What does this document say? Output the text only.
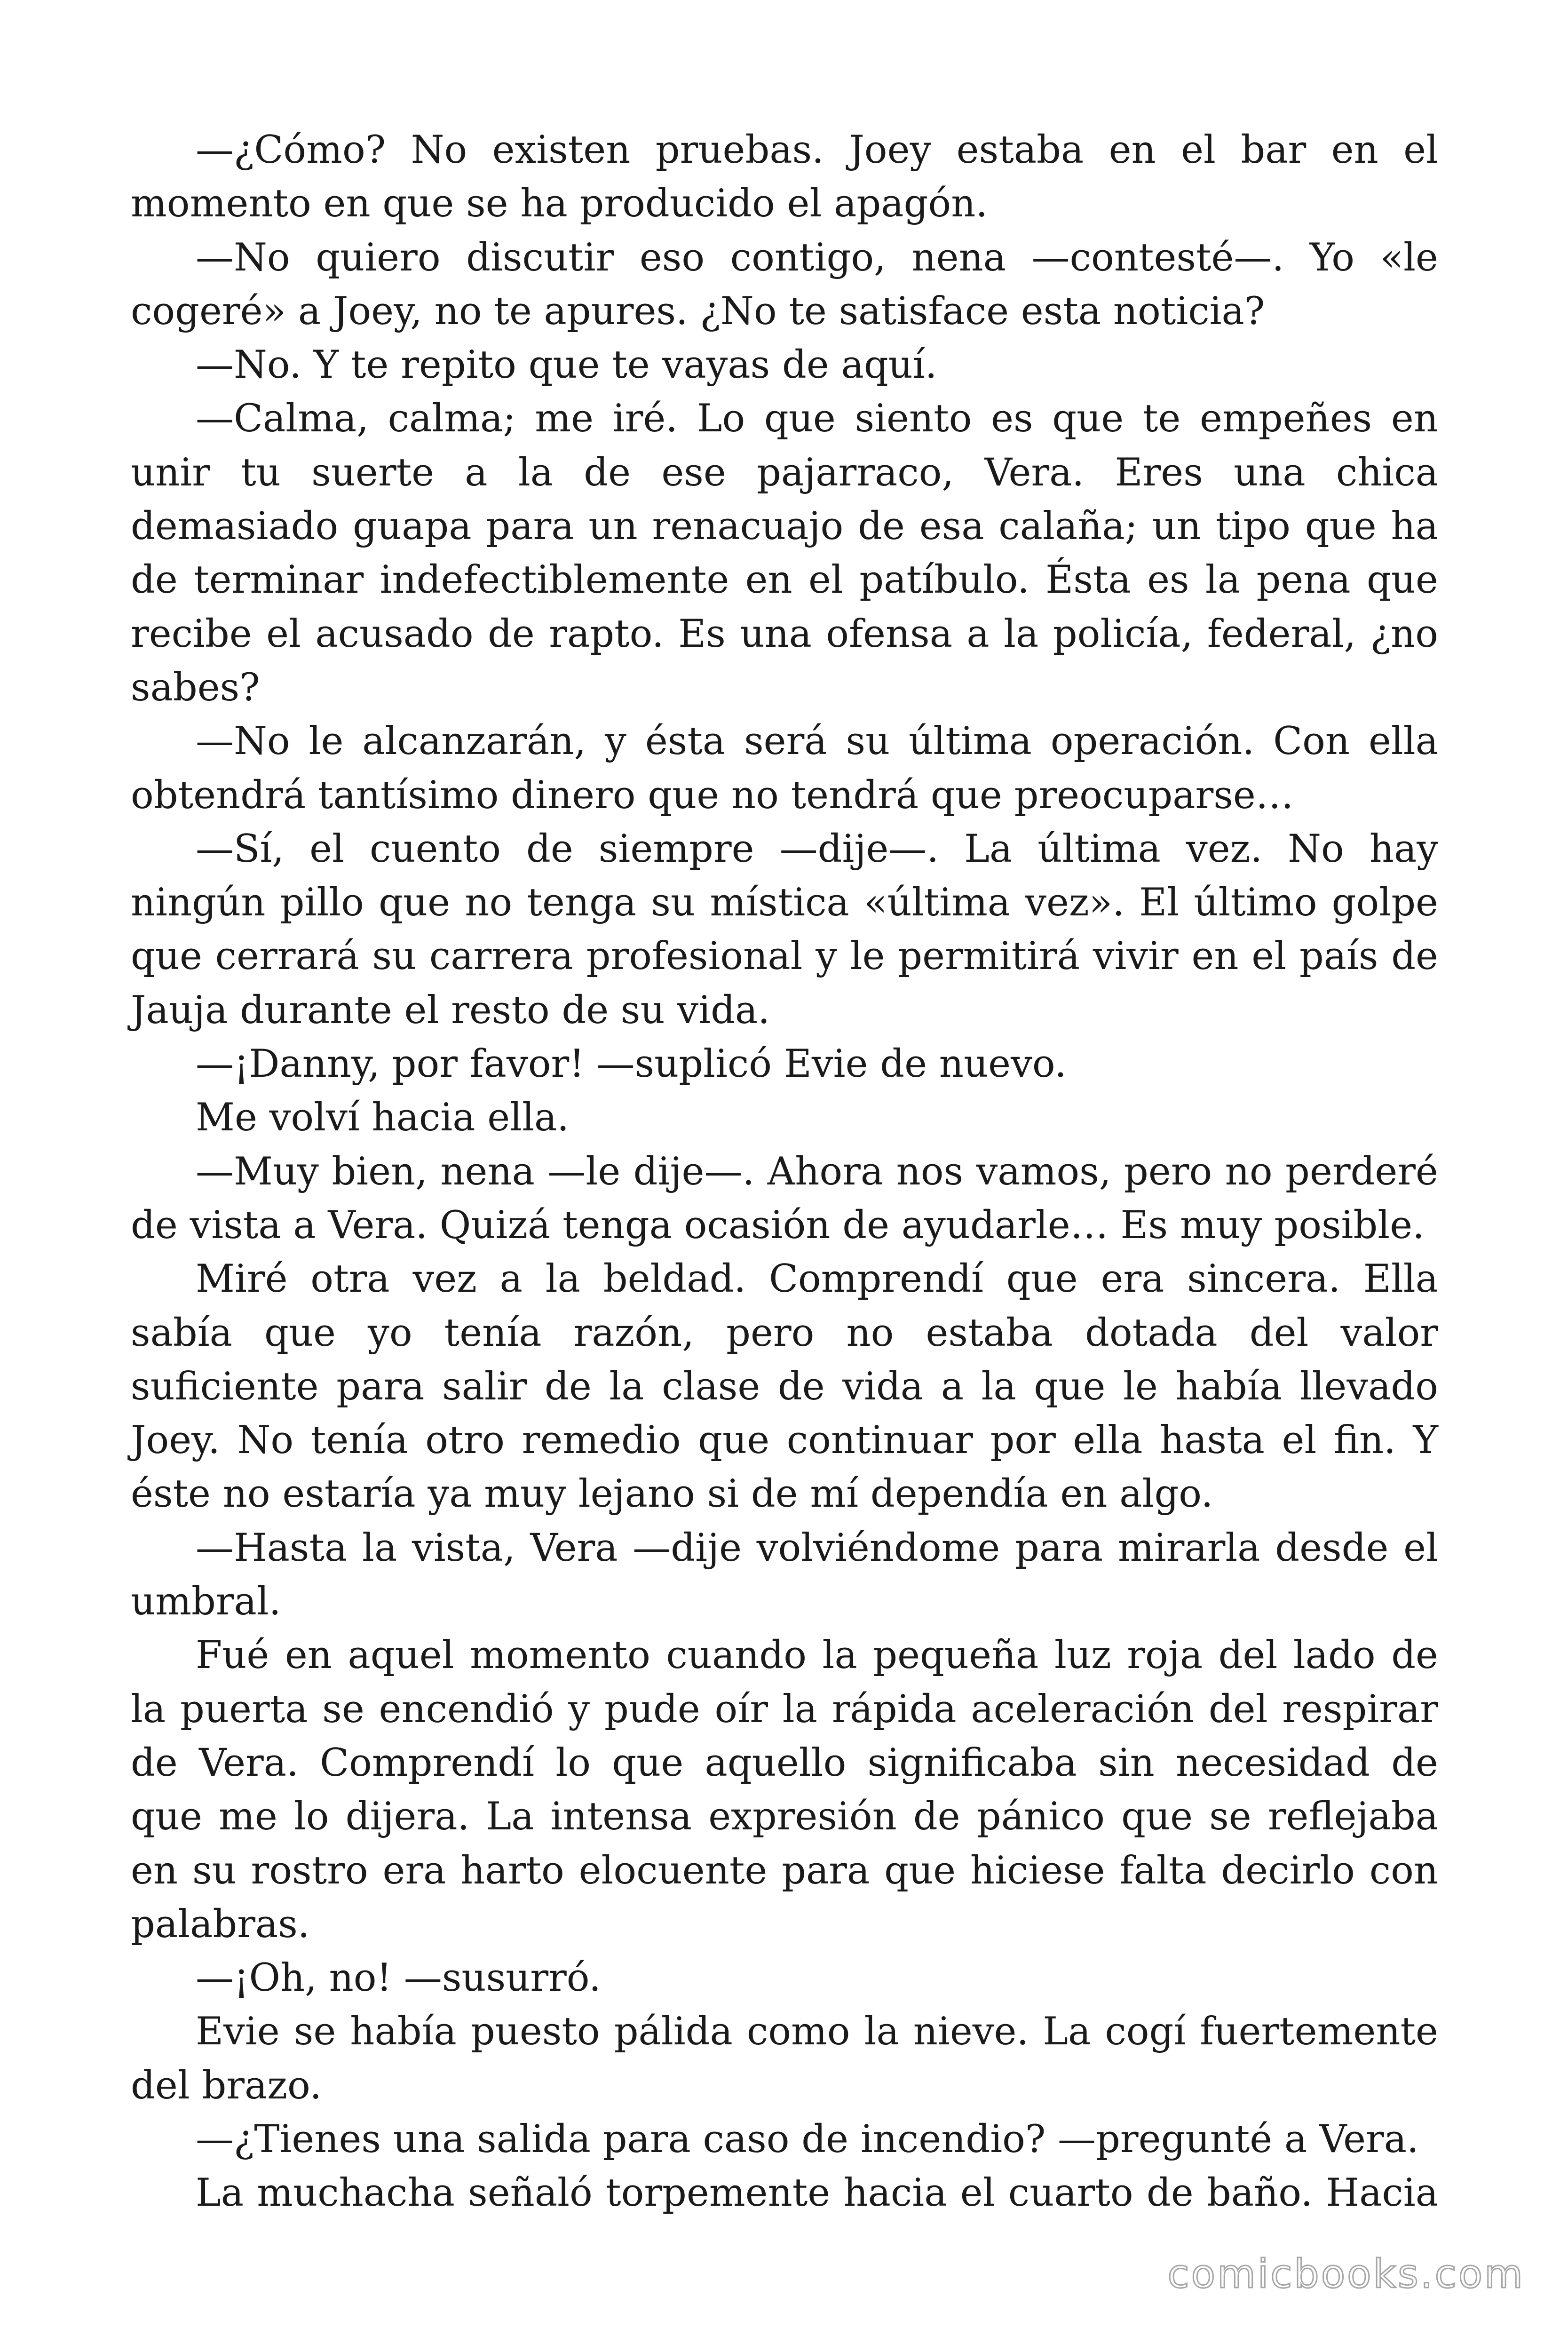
—¿Cómo? No existen pruebas. Joey estaba en el bar en el momento en que se ha producido el apagón.

—No quiero discutir eso contigo, nena —contesté—. Yo «le cogeré» a Joey, no te apures. ¿No te satisface esta noticia?

—No. Y te repito que te vayas de aquí.

—Calma, calma; me iré. Lo que siento es que te empeñes en unir tu suerte a la de ese pajarraco, Vera. Eres una chica demasiado guapa para un renacuajo de esa calaña; un tipo que ha de terminar indefectiblemente en el patíbulo. Ésta es la pena que recibe el acusado de rapto. Es una ofensa a la policía, federal, ¿no sabes?

—No le alcanzarán, y ésta será su última operación. Con ella obtendrá tantísimo dinero que no tendrá que preocuparse…

—Sí, el cuento de siempre —dije—. La última vez. No hay ningún pillo que no tenga su mística «última vez». El último golpe que cerrará su carrera profesional y le permitirá vivir en el país de Jauja durante el resto de su vida.

—¡Danny, por favor! —suplicó Evie de nuevo.

Me volví hacia ella.

—Muy bien, nena —le dije—. Ahora nos vamos, pero no perderé de vista a Vera. Quizá tenga ocasión de ayudarle… Es muy posible.

Miré otra vez a la beldad. Comprendí que era sincera. Ella sabía que yo tenía razón, pero no estaba dotada del valor suficiente para salir de la clase de vida a la que le había llevado Joey. No tenía otro remedio que continuar por ella hasta el fin. Y éste no estaría ya muy lejano si de mí dependía en algo.

—Hasta la vista, Vera —dije volviéndome para mirarla desde el umbral.

Fué en aquel momento cuando la pequeña luz roja del lado de la puerta se encendió y pude oír la rápida aceleración del respirar de Vera. Comprendí lo que aquello significaba sin necesidad de que me lo dijera. La intensa expresión de pánico que se reflejaba en su rostro era harto elocuente para que hiciese falta decirlo con palabras.

—¡Oh, no! —susurró.

Evie se había puesto pálida como la nieve. La cogí fuertemente del brazo.

—¿Tienes una salida para caso de incendio? —pregunté a Vera.

La muchacha señaló torpemente hacia el cuarto de baño. Hacia

comicbooks.com
